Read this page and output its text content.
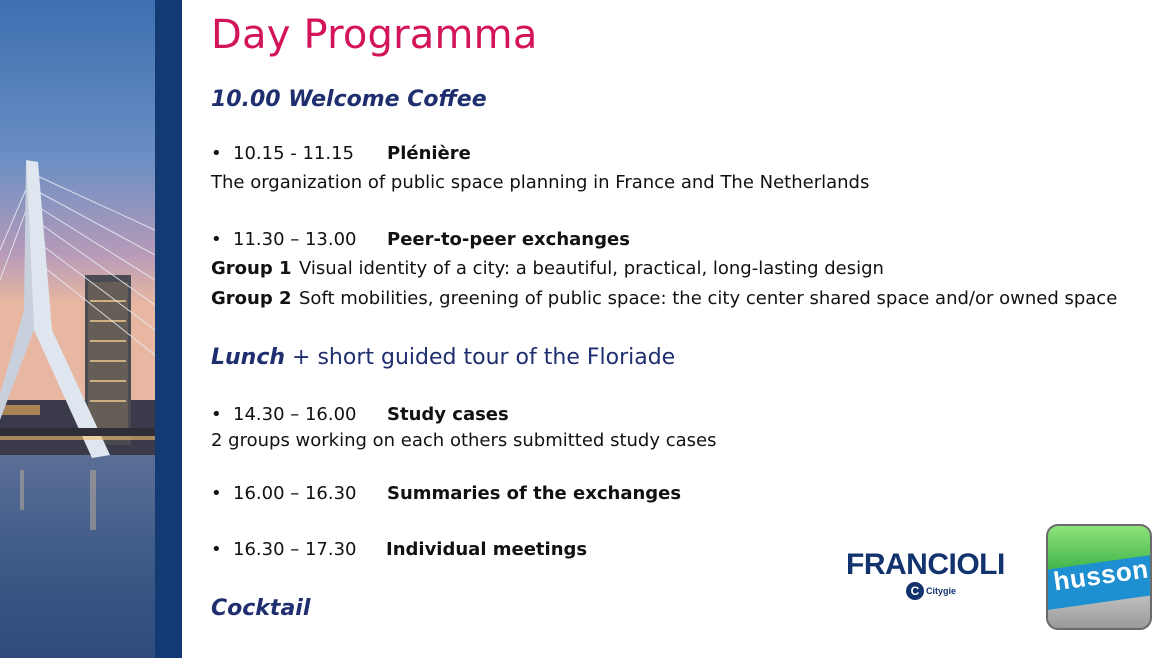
Day Programma
10.00 Welcome Coffee
• 10.15 - 11.15 Plénière
The organization of public space planning in France and The Netherlands
• 11.30 – 13.00 Peer-to-peer exchanges
Group 1 Visual identity of a city: a beautiful, practical, long-lasting design
Group 2 Soft mobilities, greening of public space: the city center shared space and/or owned space
Lunch + short guided tour of the Floriade
• 14.30 – 16.00 Study cases
2 groups working on each others submitted study cases
• 16.00 – 16.30 Summaries of the exchanges
• 16.30 – 17.30 Individual meetings
Cocktail
FRANCIOLI
C Citygie	husson
